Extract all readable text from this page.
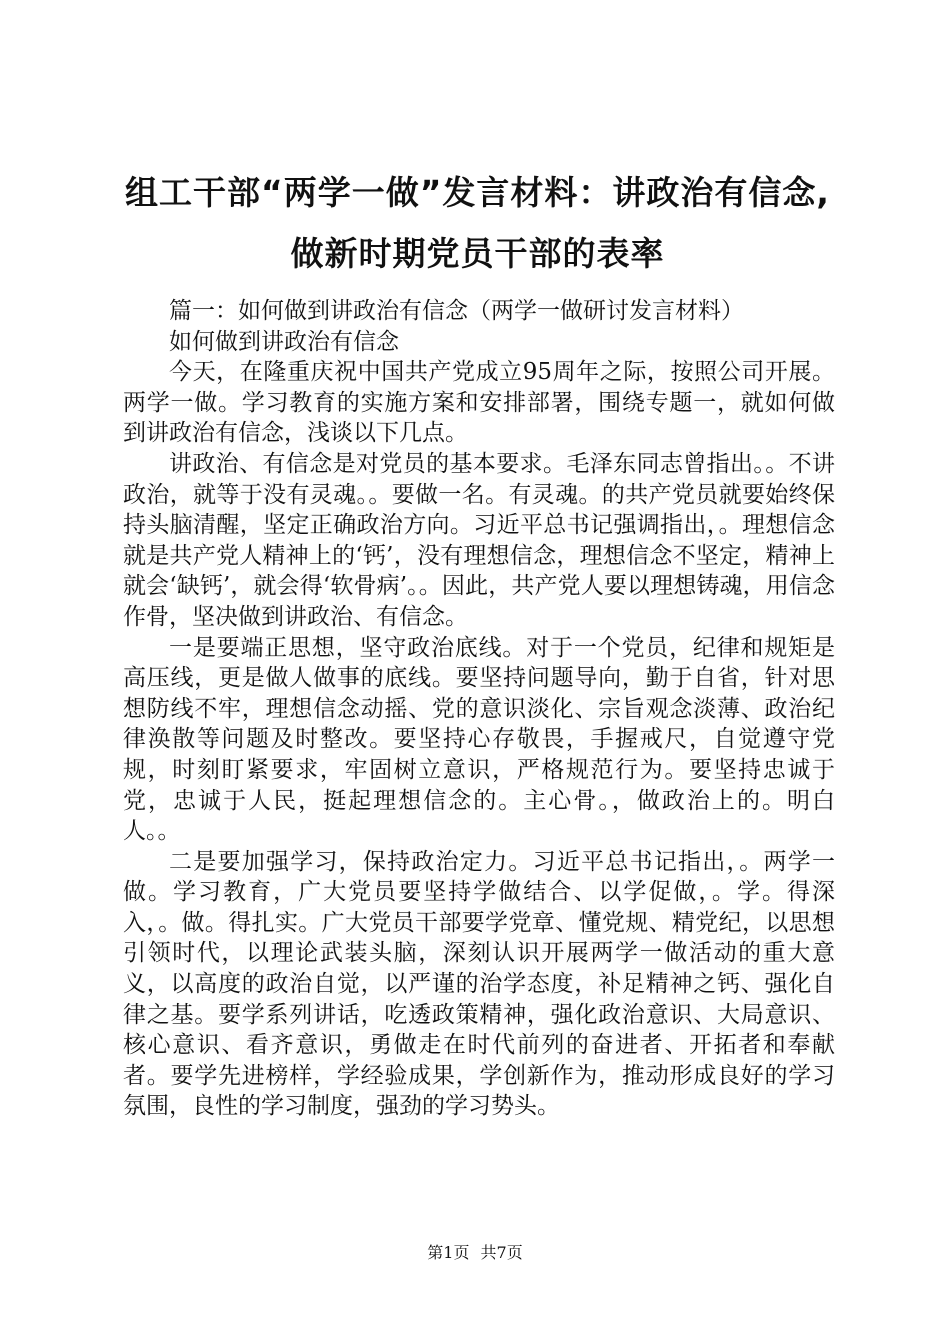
组工干部“两学一做”发言材料：讲政治有信念,做新时期党员干部的表率

篇一：如何做到讲政治有信念（两学一做研讨发言材料）

如何做到讲政治有信念

今天，在隆重庆祝中国共产党成立95周年之际，按照公司开展。两学一做。学习教育的实施方案和安排部署，围绕专题一，就如何做到讲政治有信念，浅谈以下几点。

讲政治、有信念是对党员的基本要求。毛泽东同志曾指出。。不讲政治，就等于没有灵魂。。要做一名。有灵魂。的共产党员就要始终保持头脑清醒，坚定正确政治方向。习近平总书记强调指出，。理想信念就是共产党人精神上的‘钙’，没有理想信念，理想信念不坚定，精神上就会‘缺钙’，就会得‘软骨病’。。因此，共产党人要以理想铸魂，用信念作骨，坚决做到讲政治、有信念。

一是要端正思想，坚守政治底线。对于一个党员，纪律和规矩是高压线，更是做人做事的底线。要坚持问题导向，勤于自省，针对思想防线不牢，理想信念动摇、党的意识淡化、宗旨观念淡薄、政治纪律涣散等问题及时整改。要坚持心存敬畏，手握戒尺，自觉遵守党规，时刻盯紧要求，牢固树立意识，严格规范行为。要坚持忠诚于党，忠诚于人民，挺起理想信念的。主心骨。，做政治上的。明白人。。

二是要加强学习，保持政治定力。习近平总书记指出，。两学一做。学习教育，广大党员要坚持学做结合、以学促做，。学。得深入，。做。得扎实。广大党员干部要学党章、懂党规、精党纪，以思想引领时代，以理论武装头脑，深刻认识开展两学一做活动的重大意义，以高度的政治自觉，以严谨的治学态度，补足精神之钙、强化自律之基。要学系列讲话，吃透政策精神，强化政治意识、大局意识、核心意识、看齐意识，勇做走在时代前列的奋进者、开拓者和奉献者。要学先进榜样，学经验成果，学创新作为，推动形成良好的学习氛围，良性的学习制度，强劲的学习势头。

第1页 共7页
